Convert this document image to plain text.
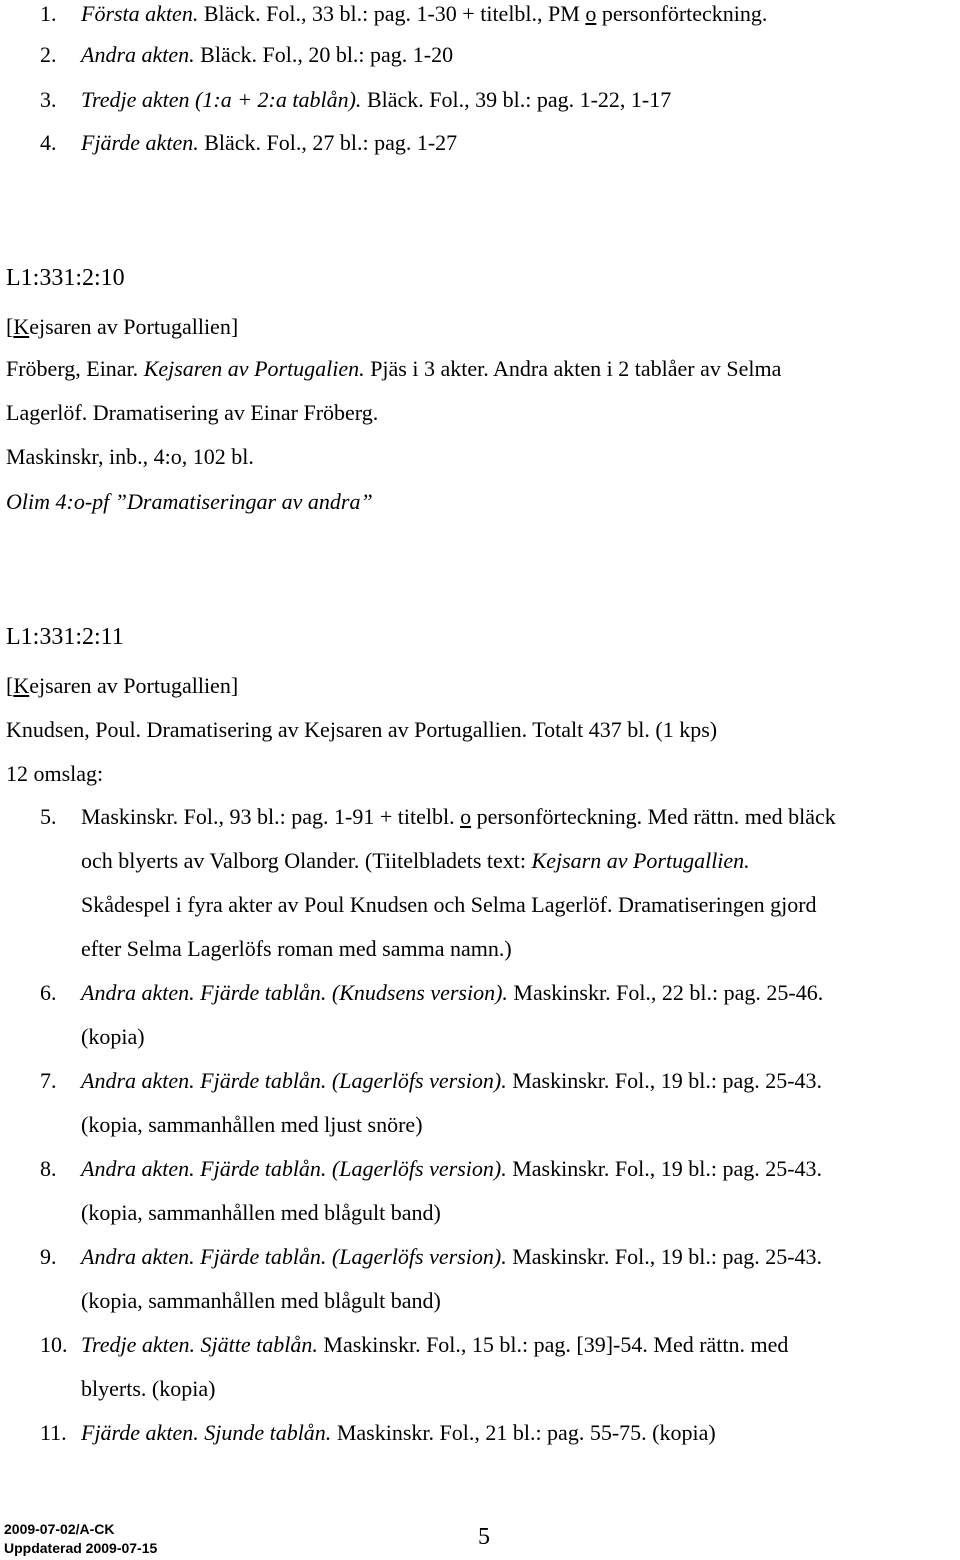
1. Första akten. Bläck. Fol., 33 bl.: pag. 1-30 + titelbl., PM o personförteckning.
2. Andra akten. Bläck. Fol., 20 bl.: pag. 1-20
3. Tredje akten (1:a + 2:a tablån). Bläck. Fol., 39 bl.: pag. 1-22, 1-17
4. Fjärde akten. Bläck. Fol., 27 bl.: pag. 1-27
L1:331:2:10
[Kejsaren av Portugallien]
Fröberg, Einar. Kejsaren av Portugalien. Pjäs i 3 akter. Andra akten i 2 tablåer av Selma
Lagerlöf. Dramatisering av Einar Fröberg.
Maskinskr, inb., 4:o, 102 bl.
Olim 4:o-pf ”Dramatiseringar av andra”
L1:331:2:11
[Kejsaren av Portugallien]
Knudsen, Poul. Dramatisering av Kejsaren av Portugallien. Totalt 437 bl. (1 kps)
12 omslag:
5. Maskinskr. Fol., 93 bl.: pag. 1-91 + titelbl. o personförteckning. Med rättn. med bläck
och blyerts av Valborg Olander. (Tiitelbladets text: Kejsarn av Portugallien.
Skådespel i fyra akter av Poul Knudsen och Selma Lagerlöf. Dramatiseringen gjord
efter Selma Lagerlöfs roman med samma namn.)
6. Andra akten. Fjärde tablån. (Knudsens version). Maskinskr. Fol., 22 bl.: pag. 25-46.
(kopia)
7. Andra akten. Fjärde tablån. (Lagerlöfs version). Maskinskr. Fol., 19 bl.: pag. 25-43.
(kopia, sammanhållen med ljust snöre)
8. Andra akten. Fjärde tablån. (Lagerlöfs version). Maskinskr. Fol., 19 bl.: pag. 25-43.
(kopia, sammanhållen med blågult band)
9. Andra akten. Fjärde tablån. (Lagerlöfs version). Maskinskr. Fol., 19 bl.: pag. 25-43.
(kopia, sammanhållen med blågult band)
10. Tredje akten. Sjätte tablån. Maskinskr. Fol., 15 bl.: pag. [39]-54. Med rättn. med
blyerts. (kopia)
11. Fjärde akten. Sjunde tablån. Maskinskr. Fol., 21 bl.: pag. 55-75. (kopia)
2009-07-02/A-CK
Uppdaterad 2009-07-15	5
